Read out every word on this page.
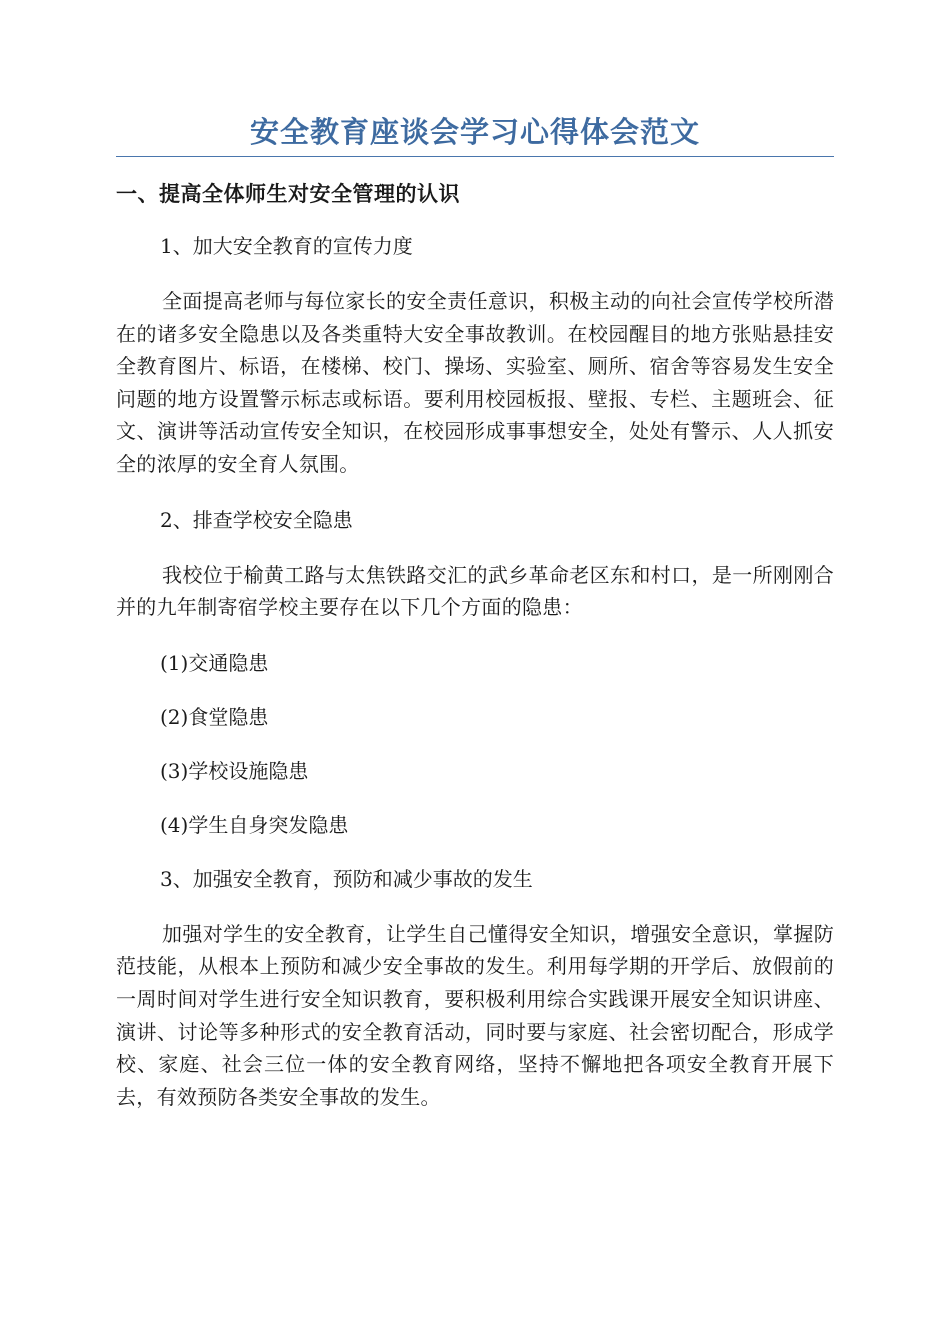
安全教育座谈会学习心得体会范文
一、提高全体师生对安全管理的认识
1、加大安全教育的宣传力度

全面提高老师与每位家长的安全责任意识，积极主动的向社会宣传学校所潜在的诸多安全隐患以及各类重特大安全事故教训。在校园醒目的地方张贴悬挂安全教育图片、标语，在楼梯、校门、操场、实验室、厕所、宿舍等容易发生安全问题的地方设置警示标志或标语。要利用校园板报、壁报、专栏、主题班会、征文、演讲等活动宣传安全知识，在校园形成事事想安全，处处有警示、人人抓安全的浓厚的安全育人氛围。

2、排查学校安全隐患

我校位于榆黄工路与太焦铁路交汇的武乡革命老区东和村口，是一所刚刚合并的九年制寄宿学校主要存在以下几个方面的隐患：

(1)交通隐患
(2)食堂隐患
(3)学校设施隐患
(4)学生自身突发隐患
3、加强安全教育，预防和减少事故的发生

加强对学生的安全教育，让学生自己懂得安全知识，增强安全意识，掌握防范技能，从根本上预防和减少安全事故的发生。利用每学期的开学后、放假前的一周时间对学生进行安全知识教育，要积极利用综合实践课开展安全知识讲座、演讲、讨论等多种形式的安全教育活动，同时要与家庭、社会密切配合，形成学校、家庭、社会三位一体的安全教育网络，坚持不懈地把各项安全教育开展下去，有效预防各类安全事故的发生。
